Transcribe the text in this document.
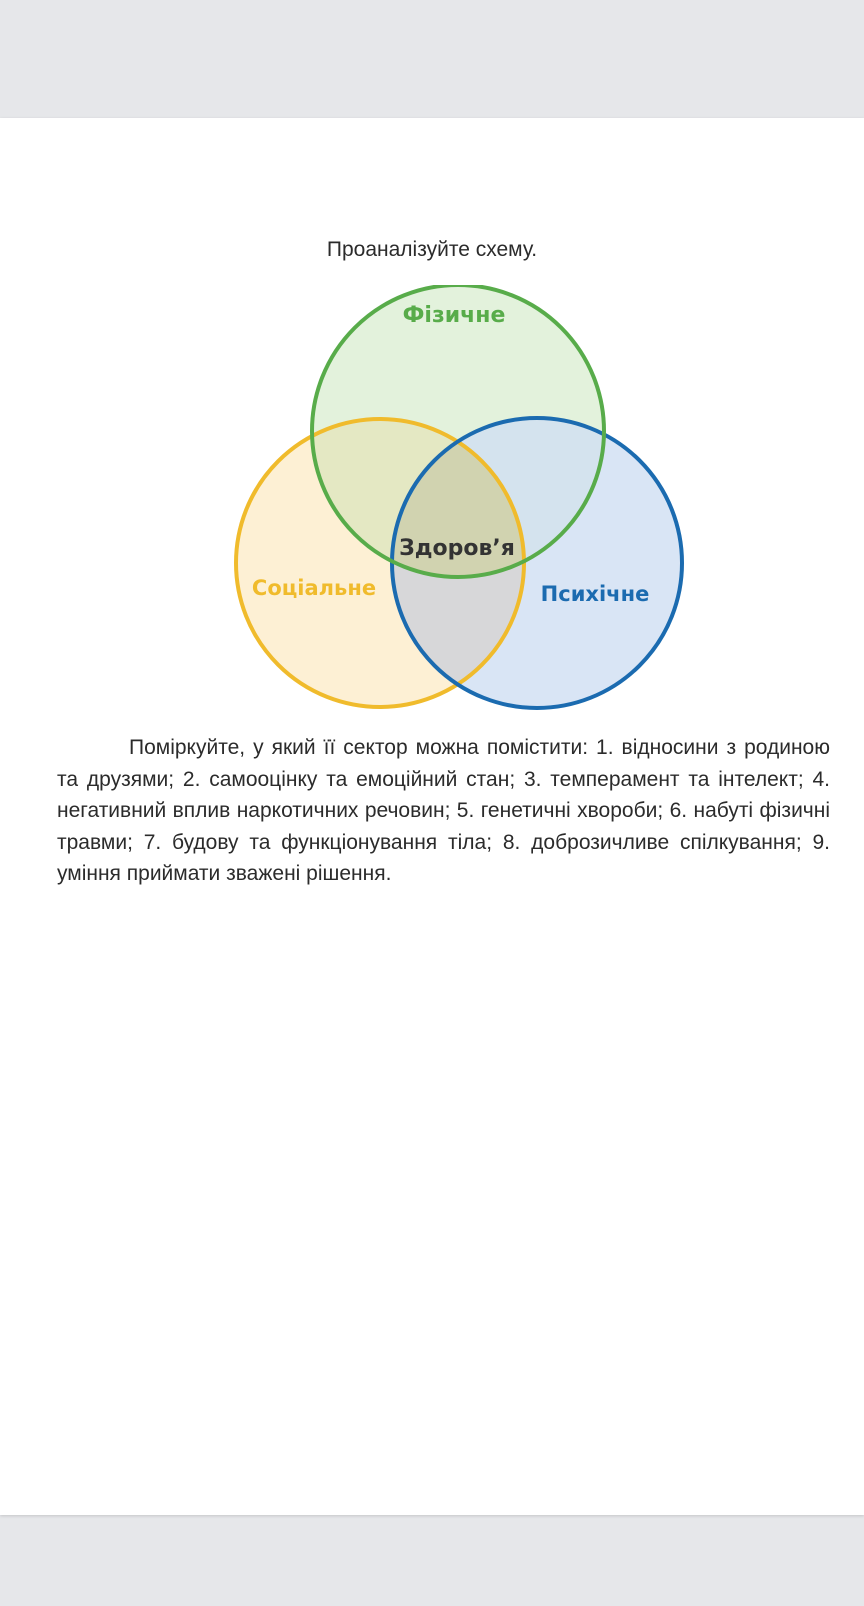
Проаналізуйте схему.
Фізичне
Соціальне	Психічне
Здоров’я

Поміркуйте, у який її сектор можна помістити: 1. відносини з родиною та друзями; 2. самооцінку та емоційний стан; 3. темперамент та інтелект; 4. негативний вплив наркотичних речовин; 5. генетичні хвороби; 6. набуті фізичні травми; 7. будову та функціонування тіла; 8. доброзичливе спілкування; 9. уміння приймати зважені рішення.
